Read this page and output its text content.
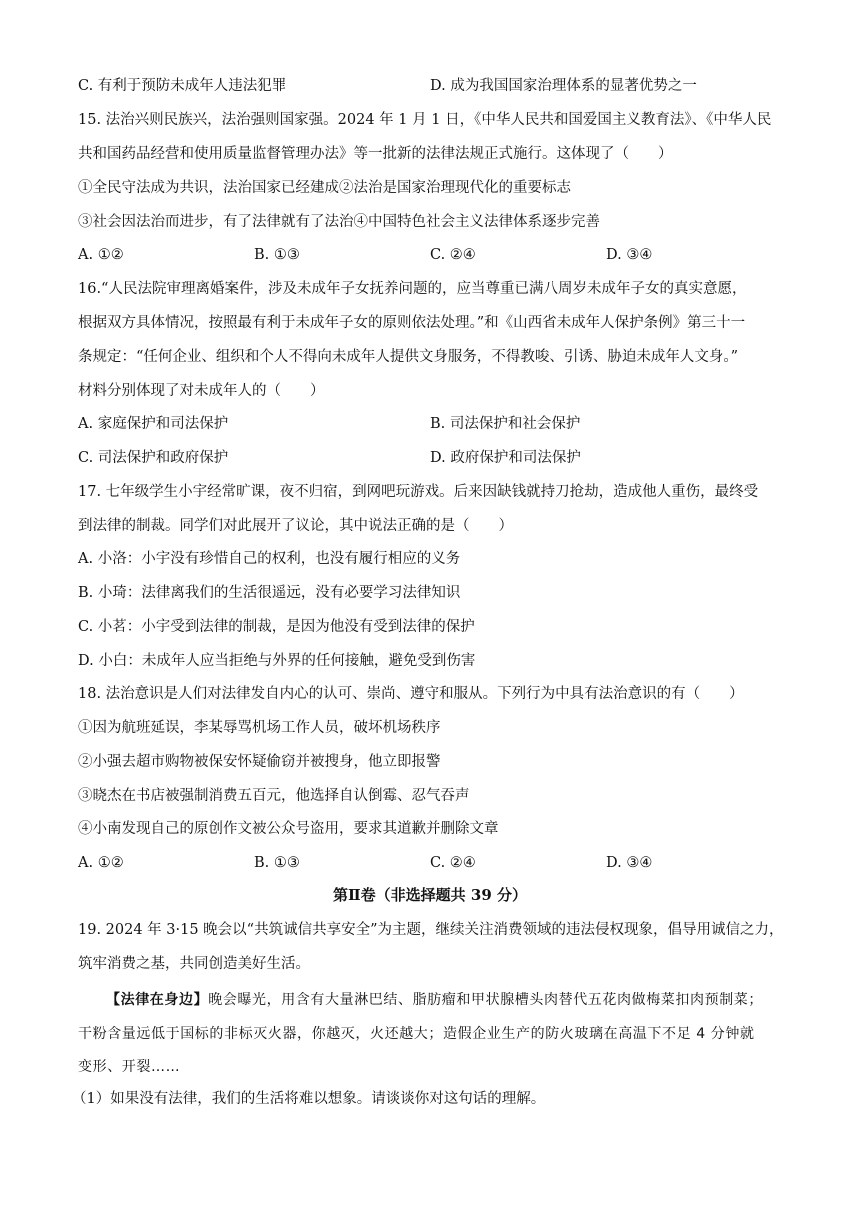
C. 有利于预防未成年人违法犯罪	D. 成为我国国家治理体系的显著优势之一
15. 法治兴则民族兴，法治强则国家强。2024 年 1 月 1 日，《中华人民共和国爱国主义教育法》、《中华人民
共和国药品经营和使用质量监督管理办法》等一批新的法律法规正式施行。这体现了（　　）
①全民守法成为共识，法治国家已经建成②法治是国家治理现代化的重要标志
③社会因法治而进步，有了法律就有了法治④中国特色社会主义法律体系逐步完善
A. ①②	B. ①③	C. ②④	D. ③④
16.“人民法院审理离婚案件，涉及未成年子女抚养问题的，应当尊重已满八周岁未成年子女的真实意愿，
根据双方具体情况，按照最有利于未成年子女的原则依法处理。”和《山西省未成年人保护条例》第三十一
条规定：“任何企业、组织和个人不得向未成年人提供文身服务，不得教唆、引诱、胁迫未成年人文身。”
材料分别体现了对未成年人的（　　）
A. 家庭保护和司法保护	B. 司法保护和社会保护
C. 司法保护和政府保护	D. 政府保护和司法保护
17. 七年级学生小宇经常旷课，夜不归宿，到网吧玩游戏。后来因缺钱就持刀抢劫，造成他人重伤，最终受
到法律的制裁。同学们对此展开了议论，其中说法正确的是（　　）
A. 小洛：小宇没有珍惜自己的权利，也没有履行相应的义务
B. 小琦：法律离我们的生活很遥远，没有必要学习法律知识
C. 小茗：小宇受到法律的制裁，是因为他没有受到法律的保护
D. 小白：未成年人应当拒绝与外界的任何接触，避免受到伤害
18. 法治意识是人们对法律发自内心的认可、崇尚、遵守和服从。下列行为中具有法治意识的有（　　）
①因为航班延误，李某辱骂机场工作人员，破坏机场秩序
②小强去超市购物被保安怀疑偷窃并被搜身，他立即报警
③晓杰在书店被强制消费五百元，他选择自认倒霉、忍气吞声
④小南发现自己的原创作文被公众号盗用，要求其道歉并删除文章
A. ①②	B. ①③	C. ②④	D. ③④
第Ⅱ卷（非选择题共 39 分）
19. 2024 年 3·15 晚会以“共筑诚信共享安全”为主题，继续关注消费领域的违法侵权现象，倡导用诚信之力，
筑牢消费之基，共同创造美好生活。
【法律在身边】晚会曝光，用含有大量淋巴结、脂肪瘤和甲状腺槽头肉替代五花肉做梅菜扣肉预制菜；
干粉含量远低于国标的非标灭火器，你越灭，火还越大；造假企业生产的防火玻璃在高温下不足 4 分钟就
变形、开裂……
（1）如果没有法律，我们的生活将难以想象。请谈谈你对这句话的理解。
